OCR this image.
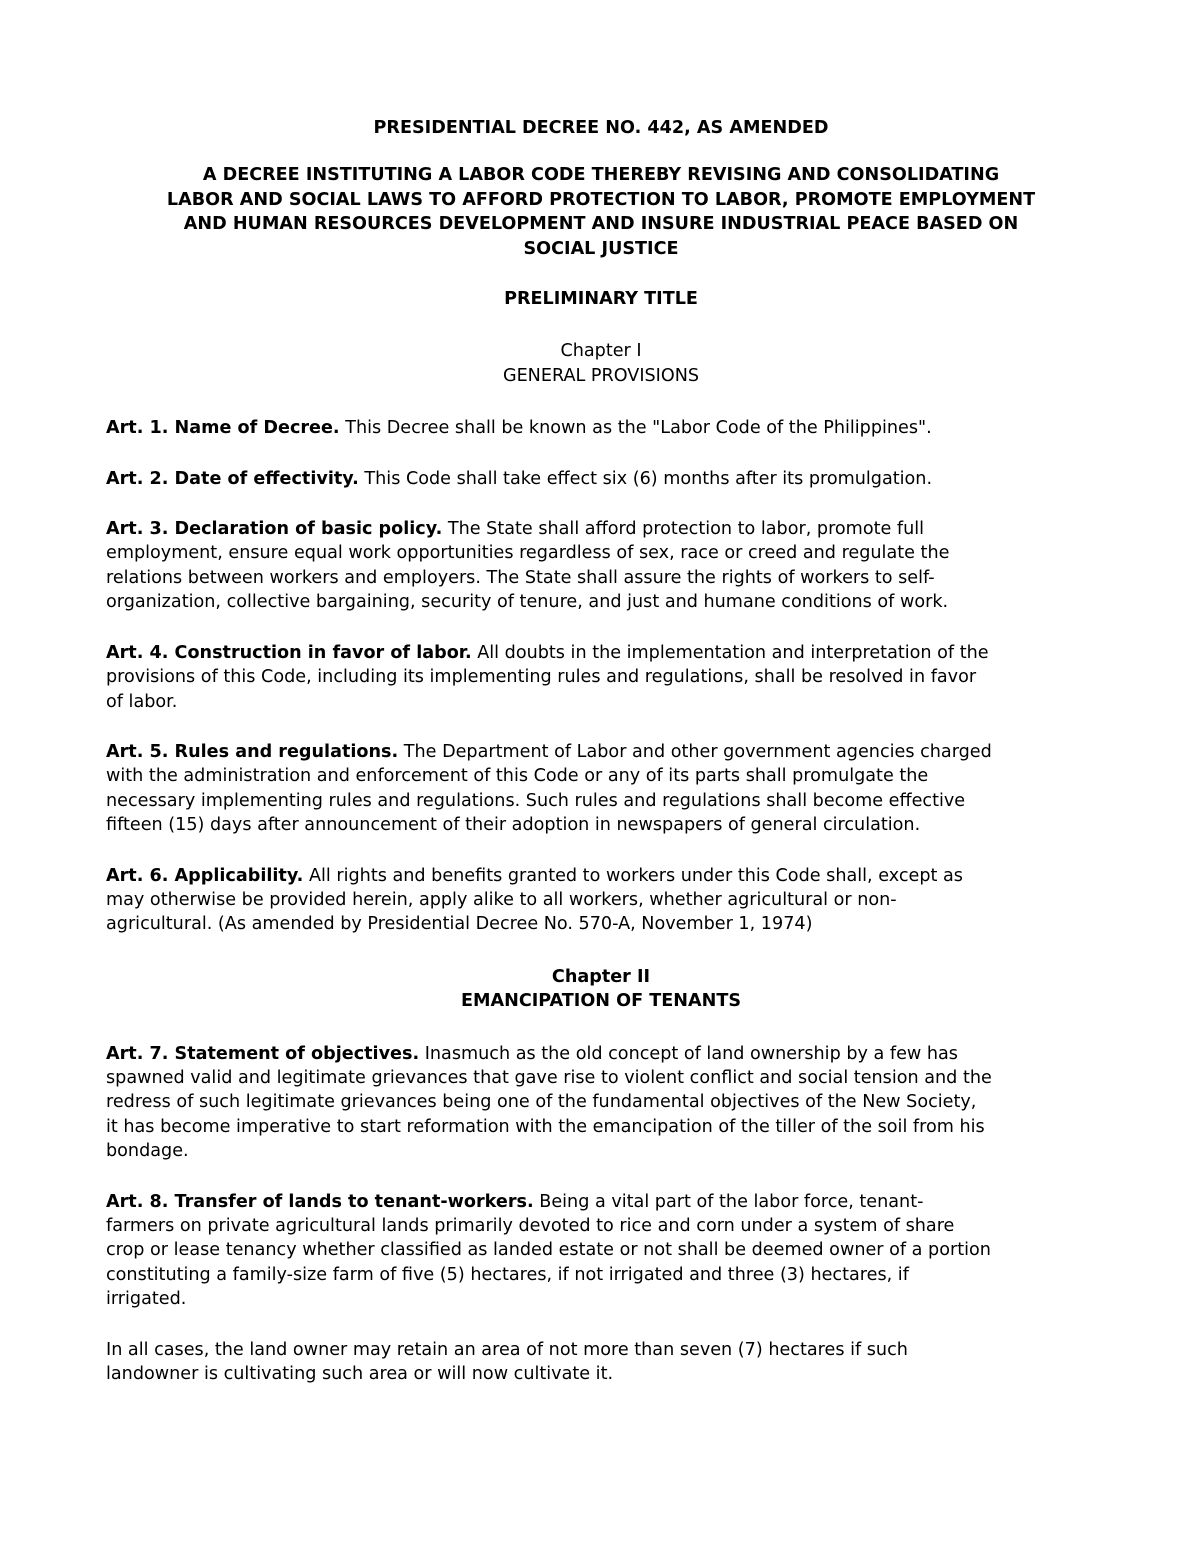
PRESIDENTIAL DECREE NO. 442, AS AMENDED
A DECREE INSTITUTING A LABOR CODE THEREBY REVISING AND CONSOLIDATING
LABOR AND SOCIAL LAWS TO AFFORD PROTECTION TO LABOR, PROMOTE EMPLOYMENT
AND HUMAN RESOURCES DEVELOPMENT AND INSURE INDUSTRIAL PEACE BASED ON
SOCIAL JUSTICE
PRELIMINARY TITLE
Chapter I
GENERAL PROVISIONS
Art. 1. Name of Decree. This Decree shall be known as the "Labor Code of the Philippines".
Art. 2. Date of effectivity. This Code shall take effect six (6) months after its promulgation.
Art. 3. Declaration of basic policy. The State shall afford protection to labor, promote full
employment, ensure equal work opportunities regardless of sex, race or creed and regulate the
relations between workers and employers. The State shall assure the rights of workers to self-
organization, collective bargaining, security of tenure, and just and humane conditions of work.
Art. 4. Construction in favor of labor. All doubts in the implementation and interpretation of the
provisions of this Code, including its implementing rules and regulations, shall be resolved in favor
of labor.
Art. 5. Rules and regulations. The Department of Labor and other government agencies charged
with the administration and enforcement of this Code or any of its parts shall promulgate the
necessary implementing rules and regulations. Such rules and regulations shall become effective
fifteen (15) days after announcement of their adoption in newspapers of general circulation.
Art. 6. Applicability. All rights and benefits granted to workers under this Code shall, except as
may otherwise be provided herein, apply alike to all workers, whether agricultural or non-
agricultural. (As amended by Presidential Decree No. 570-A, November 1, 1974)
Chapter II
EMANCIPATION OF TENANTS
Art. 7. Statement of objectives. Inasmuch as the old concept of land ownership by a few has
spawned valid and legitimate grievances that gave rise to violent conflict and social tension and the
redress of such legitimate grievances being one of the fundamental objectives of the New Society,
it has become imperative to start reformation with the emancipation of the tiller of the soil from his
bondage.
Art. 8. Transfer of lands to tenant-workers. Being a vital part of the labor force, tenant-
farmers on private agricultural lands primarily devoted to rice and corn under a system of share
crop or lease tenancy whether classified as landed estate or not shall be deemed owner of a portion
constituting a family-size farm of five (5) hectares, if not irrigated and three (3) hectares, if
irrigated.
In all cases, the land owner may retain an area of not more than seven (7) hectares if such
landowner is cultivating such area or will now cultivate it.
